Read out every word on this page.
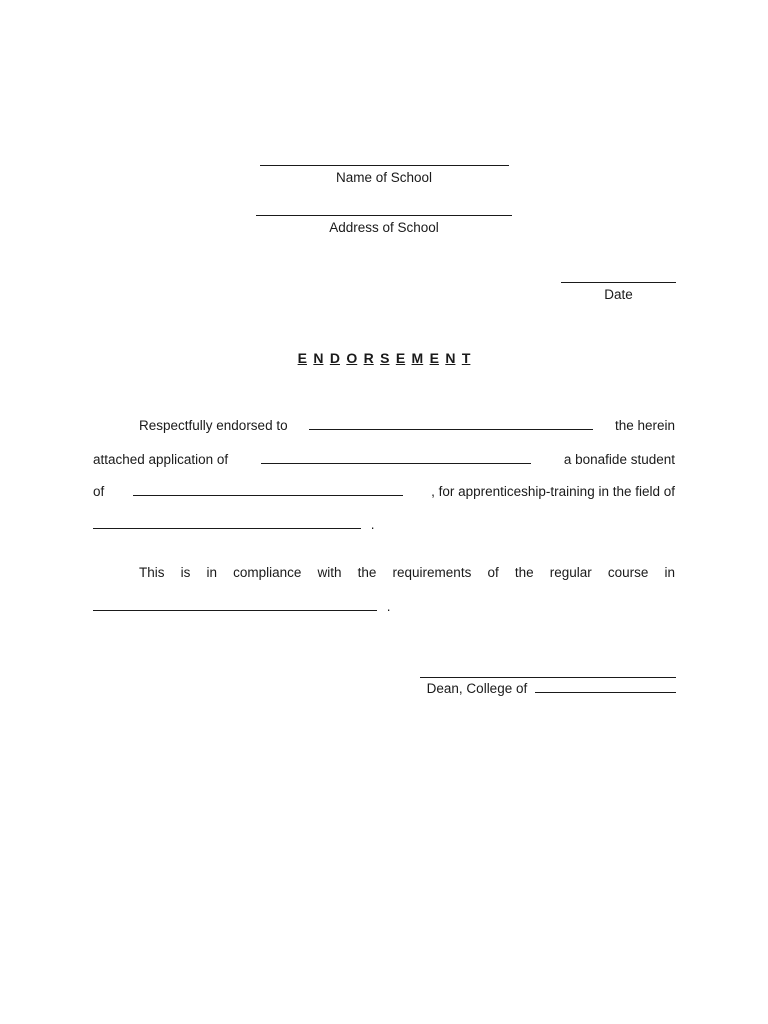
Name of School
Address of School
Date
E N D O R S E M E N T
Respectfully endorsed to	the herein
attached application of	a bonafide student
of	, for apprenticeship-training in the field of
.
This is in compliance with the requirements of the regular course in
.
Dean, College of
